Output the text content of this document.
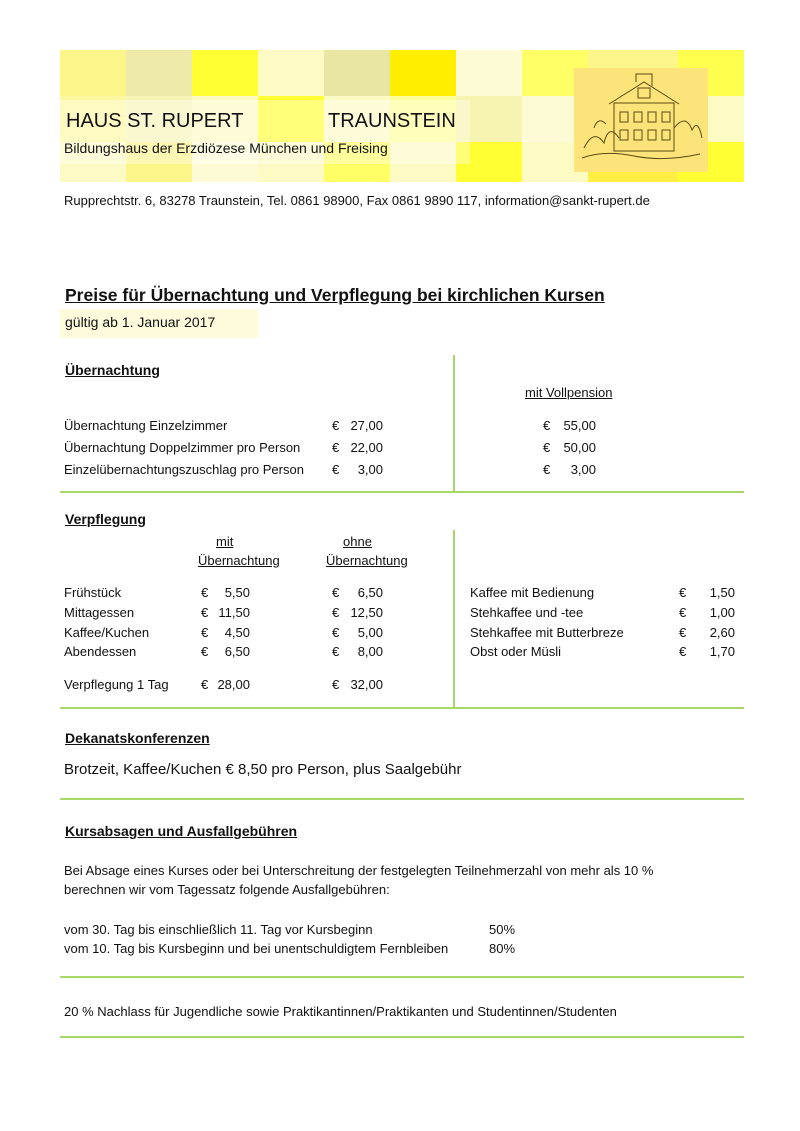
HAUS ST. RUPERT	TRAUNSTEIN
Bildungshaus der Erzdiözese München und Freising
Rupprechtstr. 6, 83278 Traunstein, Tel. 0861 98900, Fax 0861 9890 117, information@sankt-rupert.de
Preise für Übernachtung und Verpflegung bei kirchlichen Kursen
gültig ab 1. Januar 2017
Übernachtung
mit Vollpension
Übernachtung Einzelzimmer	€ 27,00	€	55,00
Übernachtung Doppelzimmer pro Person € 22,00	€	50,00
Einzelübernachtungszuschlag pro Person €	3,00	€	3,00
Verpflegung
mit
Übernachtung
ohne
Übernachtung
Frühstück	€	5,50	€	6,50
Mittagessen	€ 11,50	€ 12,50
Kaffee/Kuchen	€	4,50	€	5,00
Abendessen	€	6,50	€	8,00
Verpflegung 1 Tag € 28,00	€ 32,00
Kaffee mit Bedienung	€	1,50
Stehkaffee und -tee	€	1,00
Stehkaffee mit Butterbreze	€	2,60
Obst oder Müsli	€	1,70
Dekanatskonferenzen
Brotzeit, Kaffee/Kuchen € 8,50 pro Person, plus Saalgebühr
Kursabsagen und Ausfallgebühren
Bei Absage eines Kurses oder bei Unterschreitung der festgelegten Teilnehmerzahl von mehr als 10 %
berechnen wir vom Tagessatz folgende Ausfallgebühren:
vom 30. Tag bis einschließlich 11. Tag vor Kursbeginn	50%
vom 10. Tag bis Kursbeginn und bei unentschuldigtem Fernbleiben	80%
20 % Nachlass für Jugendliche sowie Praktikantinnen/Praktikanten und Studentinnen/Studenten
